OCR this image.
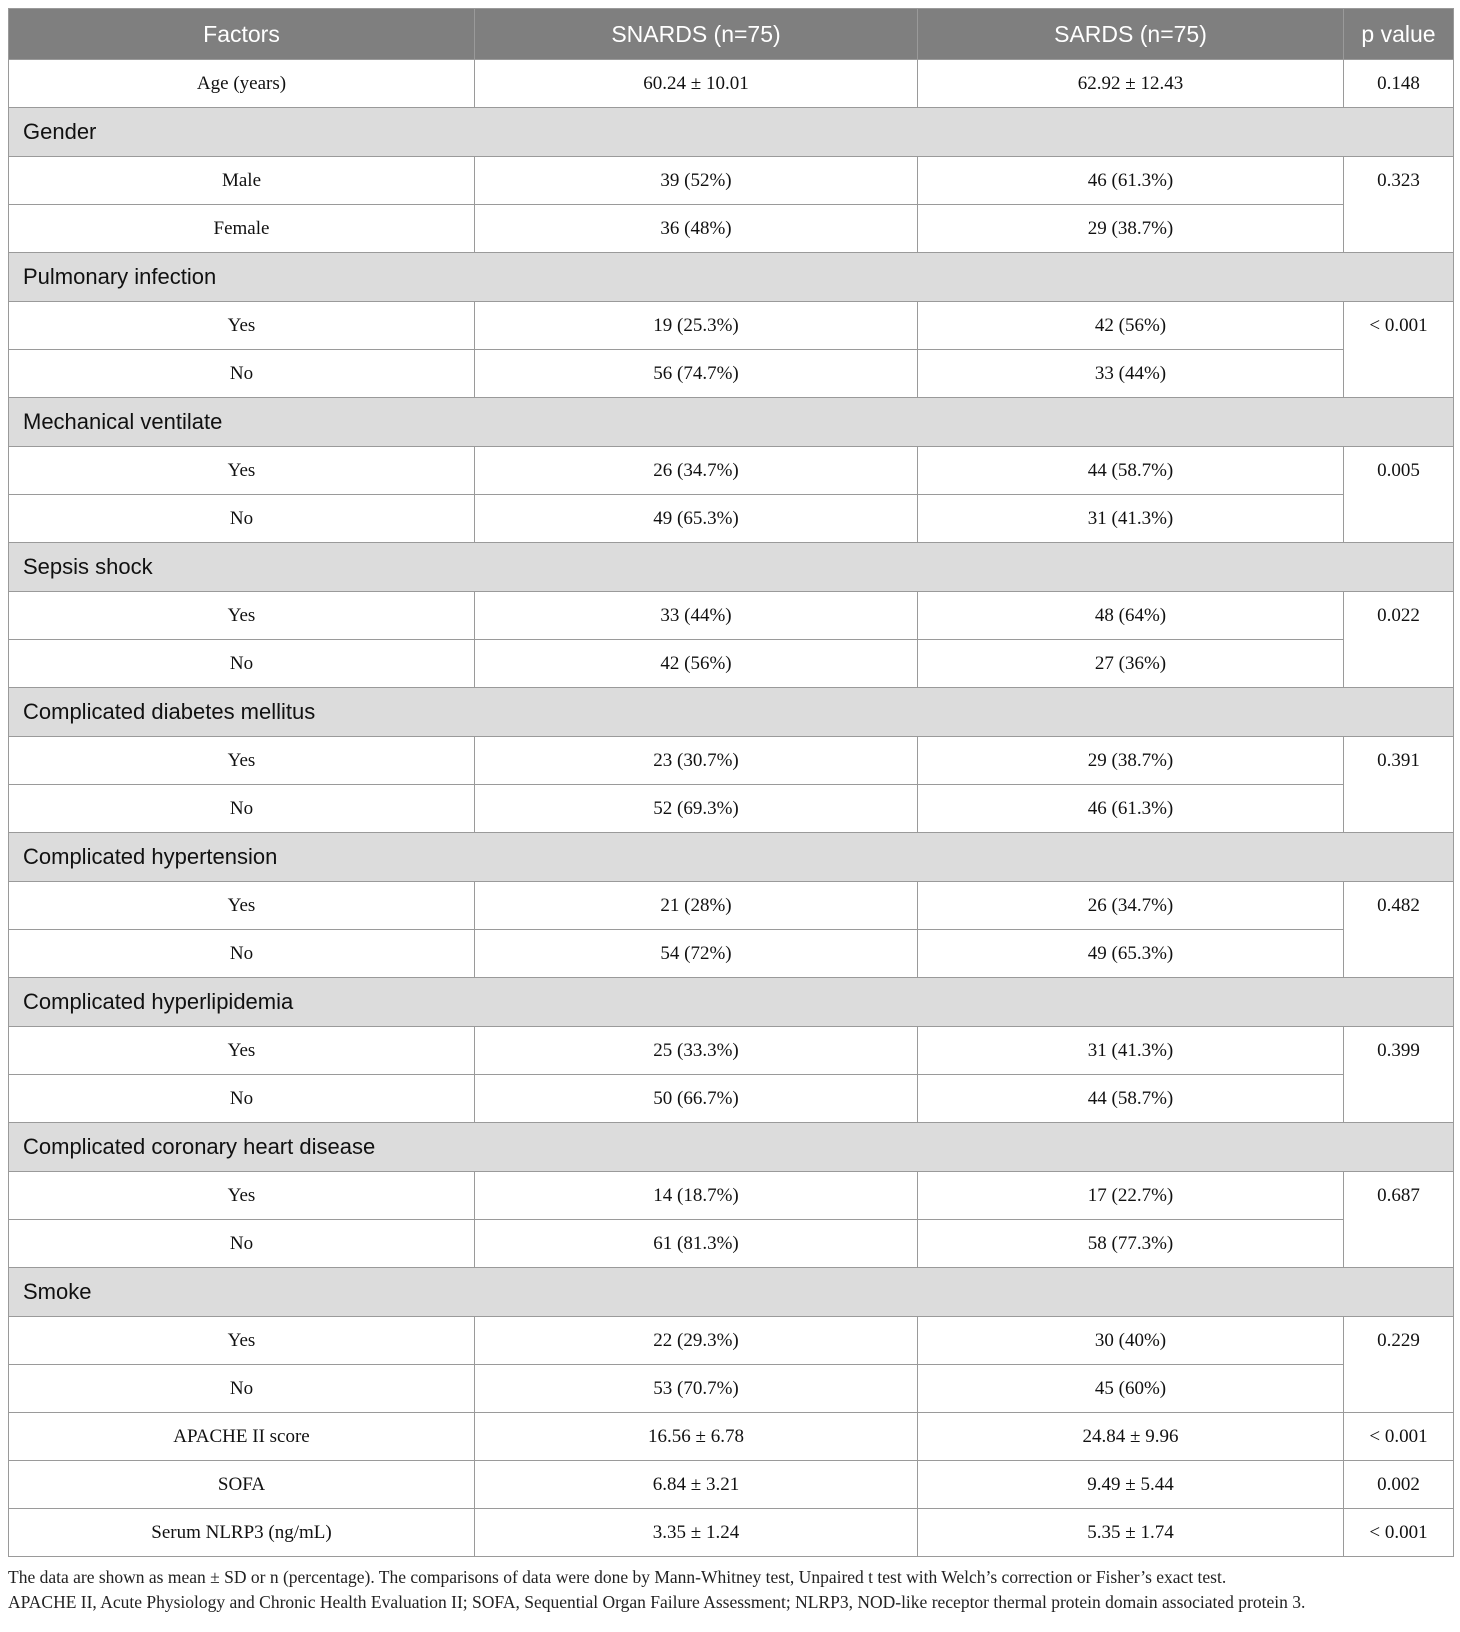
Factors	SNARDS (n=75)	SARDS (n=75)	p value
Age (years)	60.24 ± 10.01	62.92 ± 12.43	0.148
Gender			
Male	39 (52%)	46 (61.3%)	0.323
Female	36 (48%)	29 (38.7%)	
Pulmonary infection			
Yes	19 (25.3%)	42 (56%)	< 0.001
No	56 (74.7%)	33 (44%)	
Mechanical ventilate			
Yes	26 (34.7%)	44 (58.7%)	0.005
No	49 (65.3%)	31 (41.3%)	
Sepsis shock			
Yes	33 (44%)	48 (64%)	0.022
No	42 (56%)	27 (36%)	
Complicated diabetes mellitus			
Yes	23 (30.7%)	29 (38.7%)	0.391
No	52 (69.3%)	46 (61.3%)	
Complicated hypertension			
Yes	21 (28%)	26 (34.7%)	0.482
No	54 (72%)	49 (65.3%)	
Complicated hyperlipidemia			
Yes	25 (33.3%)	31 (41.3%)	0.399
No	50 (66.7%)	44 (58.7%)	
Complicated coronary heart disease			
Yes	14 (18.7%)	17 (22.7%)	0.687
No	61 (81.3%)	58 (77.3%)	
Smoke			
Yes	22 (29.3%)	30 (40%)	0.229
No	53 (70.7%)	45 (60%)	
APACHE II score	16.56 ± 6.78	24.84 ± 9.96	< 0.001
SOFA	6.84 ± 3.21	9.49 ± 5.44	0.002
Serum NLRP3 (ng/mL)	3.35 ± 1.24	5.35 ± 1.74	< 0.001
The data are shown as mean ± SD or n (percentage). The comparisons of data were done by Mann-Whitney test, Unpaired t test with Welch’s correction or Fisher’s exact test.
APACHE II, Acute Physiology and Chronic Health Evaluation II; SOFA, Sequential Organ Failure Assessment; NLRP3, NOD-like receptor thermal protein domain associated protein 3.
